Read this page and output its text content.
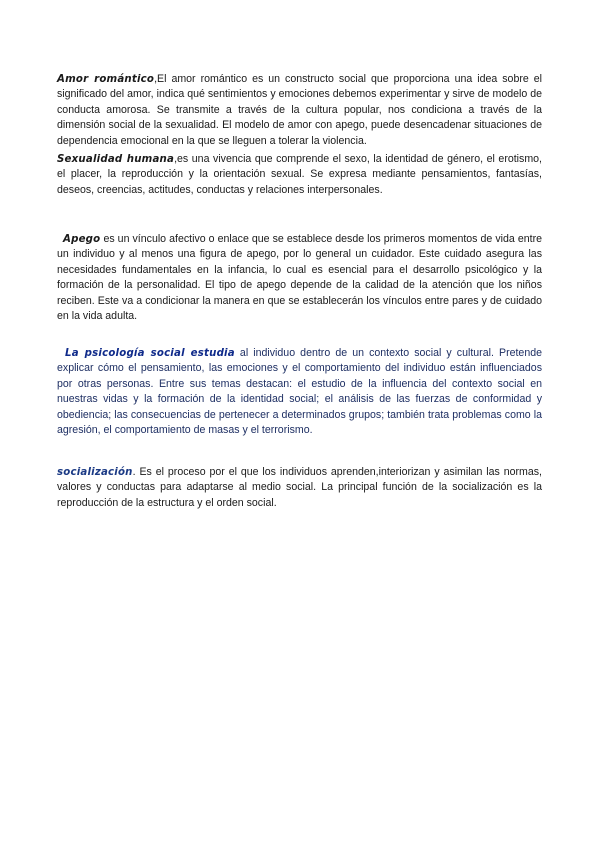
Amor romántico,El amor romántico es un constructo social que proporciona una idea sobre el significado del amor, indica qué sentimientos y emociones debemos experimentar y sirve de modelo de conducta amorosa. Se transmite a través de la cultura popular, nos condiciona a través de la dimensión social de la sexualidad. El modelo de amor con apego, puede desencadenar situaciones de dependencia emocional en la que se lleguen a tolerar la violencia.

Sexualidad humana,es una vivencia que comprende el sexo, la identidad de género, el erotismo, el placer, la reproducción y la orientación sexual. Se expresa mediante pensamientos, fantasías, deseos, creencias, actitudes, conductas y relaciones interpersonales.

Apego es un vínculo afectivo o enlace que se establece desde los primeros momentos de vida entre un individuo y al menos una figura de apego, por lo general un cuidador. Este cuidado asegura las necesidades fundamentales en la infancia, lo cual es esencial para el desarrollo psicológico y la formación de la personalidad. El tipo de apego depende de la calidad de la atención que los niños reciben. Este va a condicionar la manera en que se establecerán los vínculos entre pares y de cuidado en la vida adulta.

La psicología social estudia al individuo dentro de un contexto social y cultural. Pretende explicar cómo el pensamiento, las emociones y el comportamiento del individuo están influenciados por otras personas. Entre sus temas destacan: el estudio de la influencia del contexto social en nuestras vidas y la formación de la identidad social; el análisis de las fuerzas de conformidad y obediencia; las consecuencias de pertenecer a determinados grupos; también trata problemas como la agresión, el comportamiento de masas y el terrorismo.

socialización. Es el proceso por el que los individuos aprenden,interiorizan y asimilan las normas, valores y conductas para adaptarse al medio social. La principal función de la socialización es la reproducción de la estructura y el orden social.
